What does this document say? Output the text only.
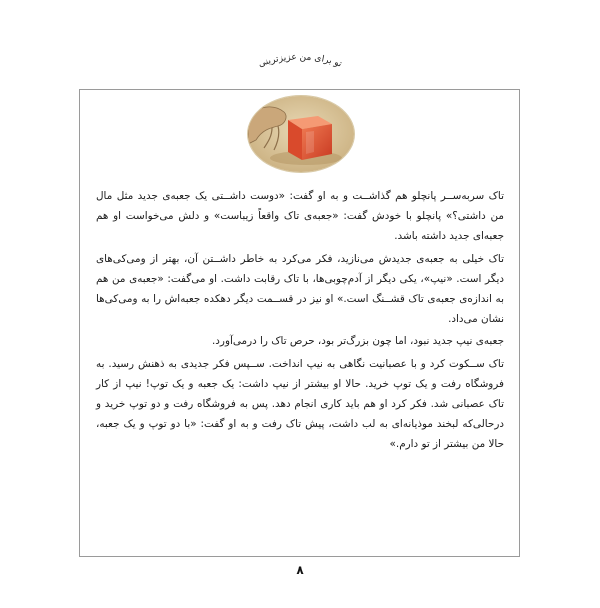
تو برای من عزیزترینی

تاک سربه‌ســر پانچلو هم گذاشــت و به او گفت: «دوست داشــتی یک جعبه‌ی جدید مثل مال من داشتی؟» پانچلو با خودش گفت: «جعبه‌ی تاک واقعاً زیباست» و دلش می‌خواست او هم جعبه‌ای جدید داشته باشد.

تاک خیلی به جعبه‌ی جدیدش می‌نازید، فکر می‌کرد به خاطر داشــتن آن، بهتر از ومی‌کی‌های دیگر است. «نیپ»، یکی دیگر از آدم‌چوبی‌ها، با تاک رقابت داشت. او می‌گفت: «جعبه‌ی من هم به اندازه‌ی جعبه‌ی تاک قشــنگ است.» او نیز در قســمت دیگر دهکده جعبه‌اش را به ومی‌کی‌ها نشان می‌داد.

جعبه‌ی نیپ جدید نبود، اما چون بزرگ‌تر بود، حرص تاک را درمی‌آورد.

تاک ســکوت کرد و با عصبانیت نگاهی به نیپ انداخت. ســپس فکر جدیدی به ذهنش رسید. به فروشگاه رفت و یک توپ خرید. حالا او بیشتر از نیپ داشت: یک جعبه و یک توپ! نیپ از کار تاک عصبانی شد. فکر کرد او هم باید کاری انجام دهد. پس به فروشگاه رفت و دو توپ خرید و درحالی‌که لبخند موذیانه‌ای به لب داشت، پیش تاک رفت و به او گفت: «با دو توپ و یک جعبه، حالا من بیشتر از تو دارم.»

۸
